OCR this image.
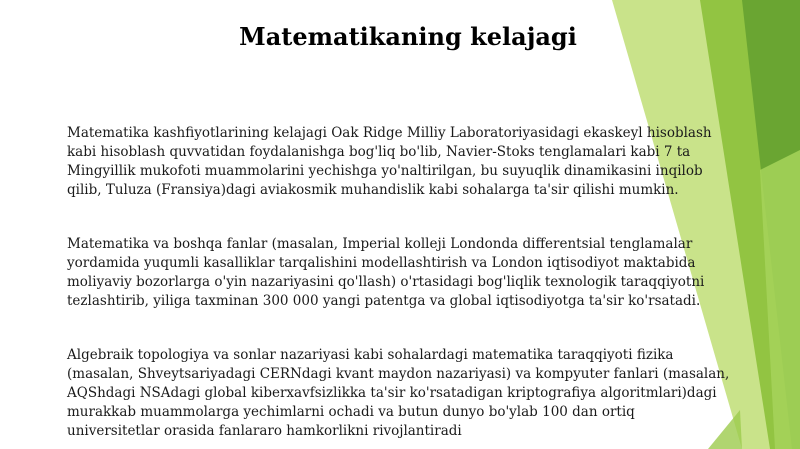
Matematikaning kelajagi

Matematika kashfiyotlarining kelajagi Oak Ridge Milliy Laboratoriyasidagi ekaskeyl hisoblash
kabi hisoblash quvvatidan foydalanishga bog'liq bo'lib, Navier-Stoks tenglamalari kabi 7 ta
Mingyillik mukofoti muammolarini yechishga yo'naltirilgan, bu suyuqlik dinamikasini inqilob
qilib, Tuluza (Fransiya)dagi aviakosmik muhandislik kabi sohalarga ta'sir qilishi mumkin.

Matematika va boshqa fanlar (masalan, Imperial kolleji Londonda differentsial tenglamalar
yordamida yuqumli kasalliklar tarqalishini modellashtirish va London iqtisodiyot maktabida
moliyaviy bozorlarga o'yin nazariyasini qo'llash) o'rtasidagi bog'liqlik texnologik taraqqiyotni
tezlashtirib, yiliga taxminan 300 000 yangi patentga va global iqtisodiyotga ta'sir ko'rsatadi.

Algebraik topologiya va sonlar nazariyasi kabi sohalardagi matematika taraqqiyoti fizika
(masalan, Shveytsariyadagi CERNdagi kvant maydon nazariyasi) va kompyuter fanlari (masalan,
AQShdagi NSAdagi global kiberxavfsizlikka ta'sir ko'rsatadigan kriptografiya algoritmlari)dagi
murakkab muammolarga yechimlarni ochadi va butun dunyo bo'ylab 100 dan ortiq
universitetlar orasida fanlararo hamkorlikni rivojlantiradi
